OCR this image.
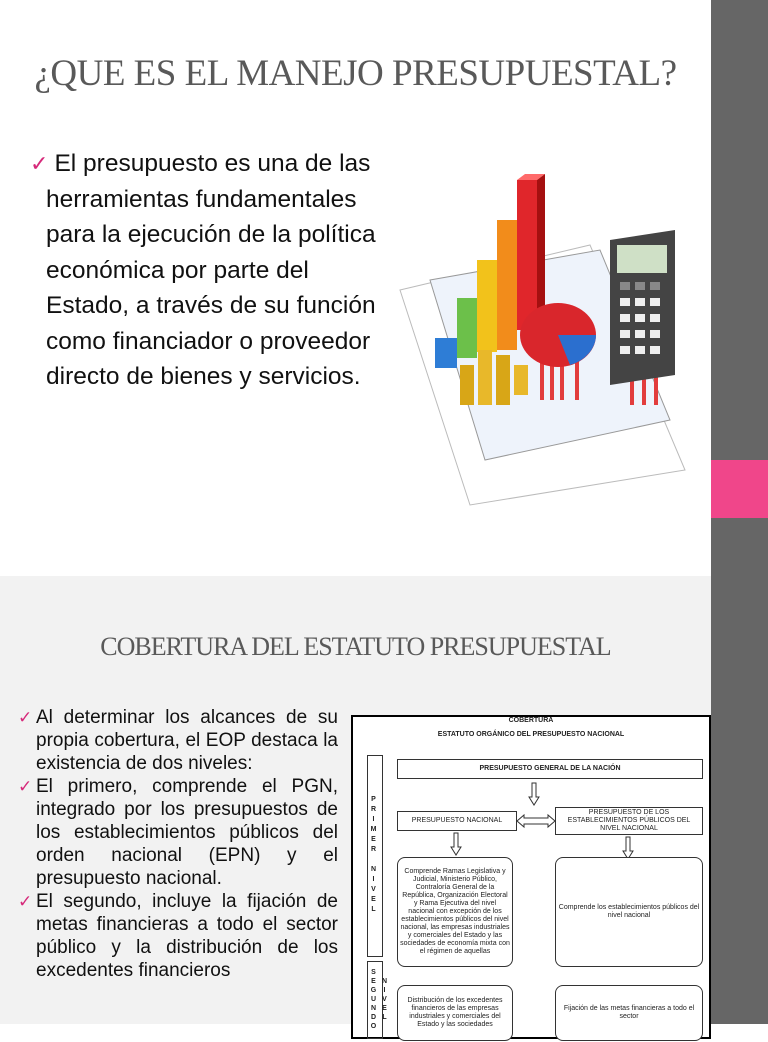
¿QUE ES EL MANEJO PRESUPUESTAL?
✓ El presupuesto es una de las herramientas fundamentales para la ejecución de la política económica por parte del Estado, a través de su función como financiador o proveedor directo de bienes y servicios.
COBERTURA DEL ESTATUTO PRESUPUESTAL
✓ Al determinar los alcances de su propia cobertura, el EOP destaca la existencia de dos niveles:
✓ El primero, comprende el PGN, integrado por los presupuestos de los establecimientos públicos del orden nacional (EPN) y el presupuesto nacional.
✓ El segundo, incluye la fijación de metas financieras a todo el sector público y la distribución de los excedentes financieros
COBERTURA
ESTATUTO ORGÁNICO DEL PRESUPUESTO NACIONAL
PRIMER NIVEL
SEGUNDO NIVEL
PRESUPUESTO GENERAL DE LA NACIÓN
PRESUPUESTO NACIONAL
PRESUPUESTO DE LOS ESTABLECIMIENTOS PÚBLICOS DEL NIVEL NACIONAL
Comprende Ramas Legislativa y Judicial, Ministerio Público, Contraloría General de la República, Organización Electoral y Rama Ejecutiva del nivel nacional con excepción de los establecimientos públicos del nivel nacional, las empresas industriales y comerciales del Estado y las sociedades de economía mixta con el régimen de aquellas
Comprende los establecimientos públicos del nivel nacional
Distribución de los excedentes financieros de las empresas industriales y comerciales del Estado y las sociedades
Fijación de las metas financieras a todo el sector
